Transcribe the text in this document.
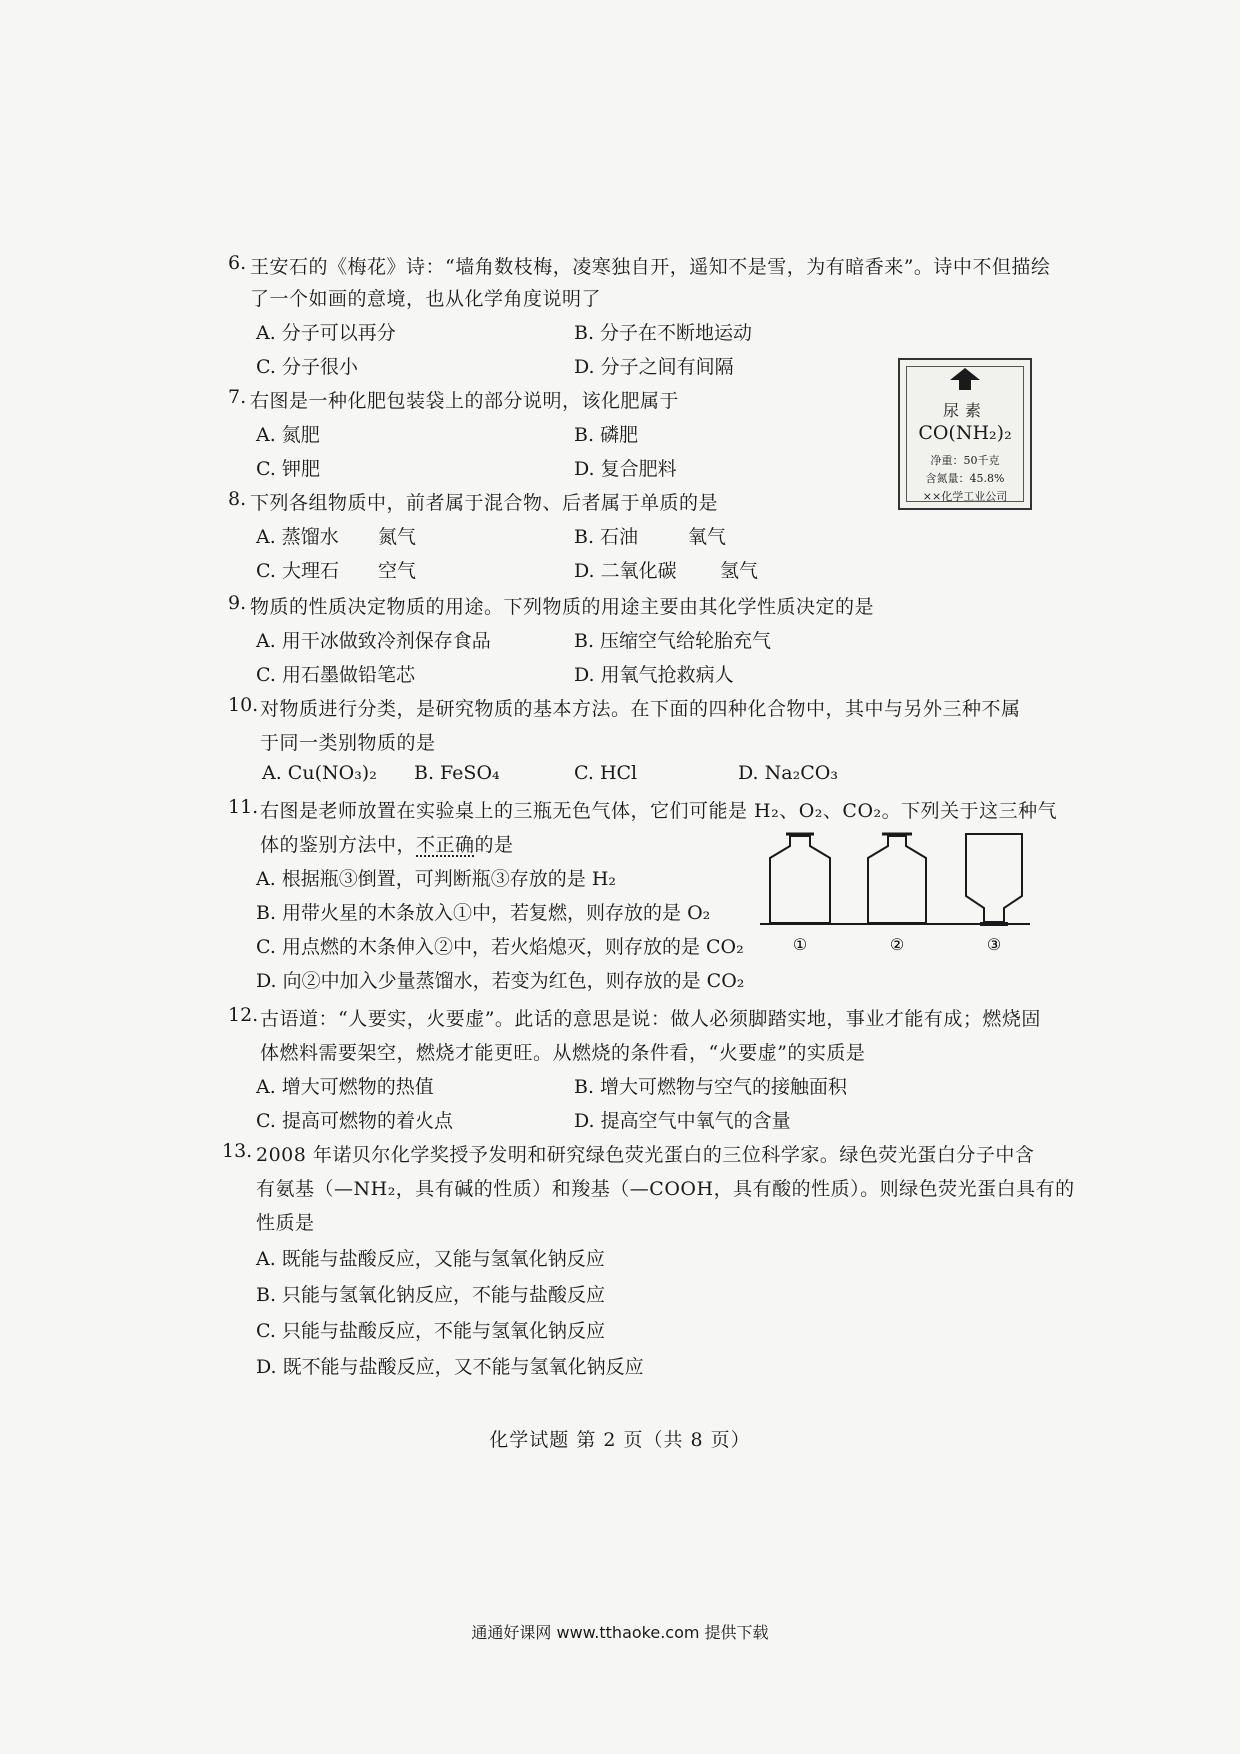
6. 王安石的《梅花》诗：“墙角数枝梅，凌寒独自开，遥知不是雪，为有暗香来”。诗中不但描绘
了一个如画的意境，也从化学角度说明了
A. 分子可以再分	B. 分子在不断地运动
C. 分子很小	D. 分子之间有间隔
尿素
CO(NH₂)₂
净重：50千克
含氮量：45.8%
××化学工业公司
7. 右图是一种化肥包装袋上的部分说明，该化肥属于
A. 氮肥	B. 磷肥
C. 钾肥	D. 复合肥料
8. 下列各组物质中，前者属于混合物、后者属于单质的是
A. 蒸馏水 氮气	B. 石油	氧气
C. 大理石 空气	D. 二氧化碳 氢气
9. 物质的性质决定物质的用途。下列物质的用途主要由其化学性质决定的是
A. 用干冰做致冷剂保存食品	B. 压缩空气给轮胎充气
C. 用石墨做铅笔芯	D. 用氧气抢救病人
10. 对物质进行分类，是研究物质的基本方法。在下面的四种化合物中，其中与另外三种不属
于同一类别物质的是
A. Cu(NO₃)₂ B. FeSO₄	C. HCl	D. Na₂CO₃
11. 右图是老师放置在实验桌上的三瓶无色气体，它们可能是 H₂、O₂、CO₂。下列关于这三种气
体的鉴别方法中，不正确的是
A. 根据瓶③倒置，可判断瓶③存放的是 H₂
B. 用带火星的木条放入①中，若复燃，则存放的是 O₂
C. 用点燃的木条伸入②中，若火焰熄灭，则存放的是 CO₂
D. 向②中加入少量蒸馏水，若变为红色，则存放的是 CO₂
①	②	③
12. 古语道：“人要实，火要虚”。此话的意思是说：做人必须脚踏实地，事业才能有成；燃烧固
体燃料需要架空，燃烧才能更旺。从燃烧的条件看，“火要虚”的实质是
A. 增大可燃物的热值	B. 增大可燃物与空气的接触面积
C. 提高可燃物的着火点	D. 提高空气中氧气的含量
13. 2008 年诺贝尔化学奖授予发明和研究绿色荧光蛋白的三位科学家。绿色荧光蛋白分子中含
有氨基（—NH₂，具有碱的性质）和羧基（—COOH，具有酸的性质）。则绿色荧光蛋白具有的
性质是
A. 既能与盐酸反应，又能与氢氧化钠反应
B. 只能与氢氧化钠反应，不能与盐酸反应
C. 只能与盐酸反应，不能与氢氧化钠反应
D. 既不能与盐酸反应，又不能与氢氧化钠反应
化学试题 第 2 页（共 8 页）
通通好课网 www.tthaoke.com 提供下载
